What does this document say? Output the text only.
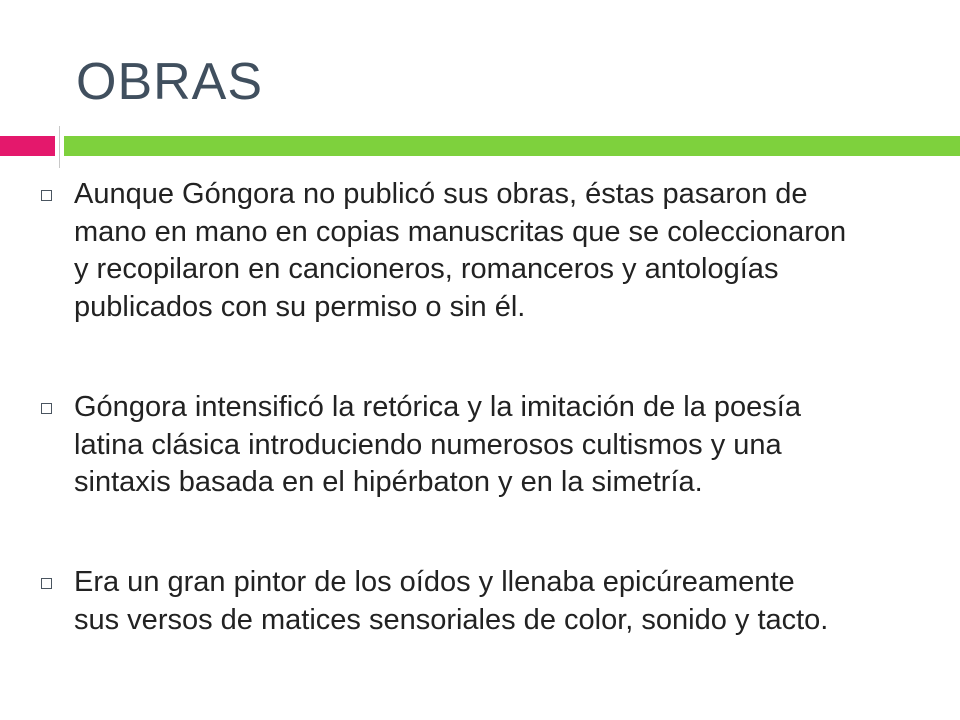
OBRAS
Aunque Góngora no publicó sus obras, éstas pasaron de
mano en mano en copias manuscritas que se coleccionaron
y recopilaron en cancioneros, romanceros y antologías
publicados con su permiso o sin él.
Góngora intensificó la retórica y la imitación de la poesía
latina clásica introduciendo numerosos cultismos y una
sintaxis basada en el hipérbaton y en la simetría.
Era un gran pintor de los oídos y llenaba epicúreamente
sus versos de matices sensoriales de color, sonido y tacto.
